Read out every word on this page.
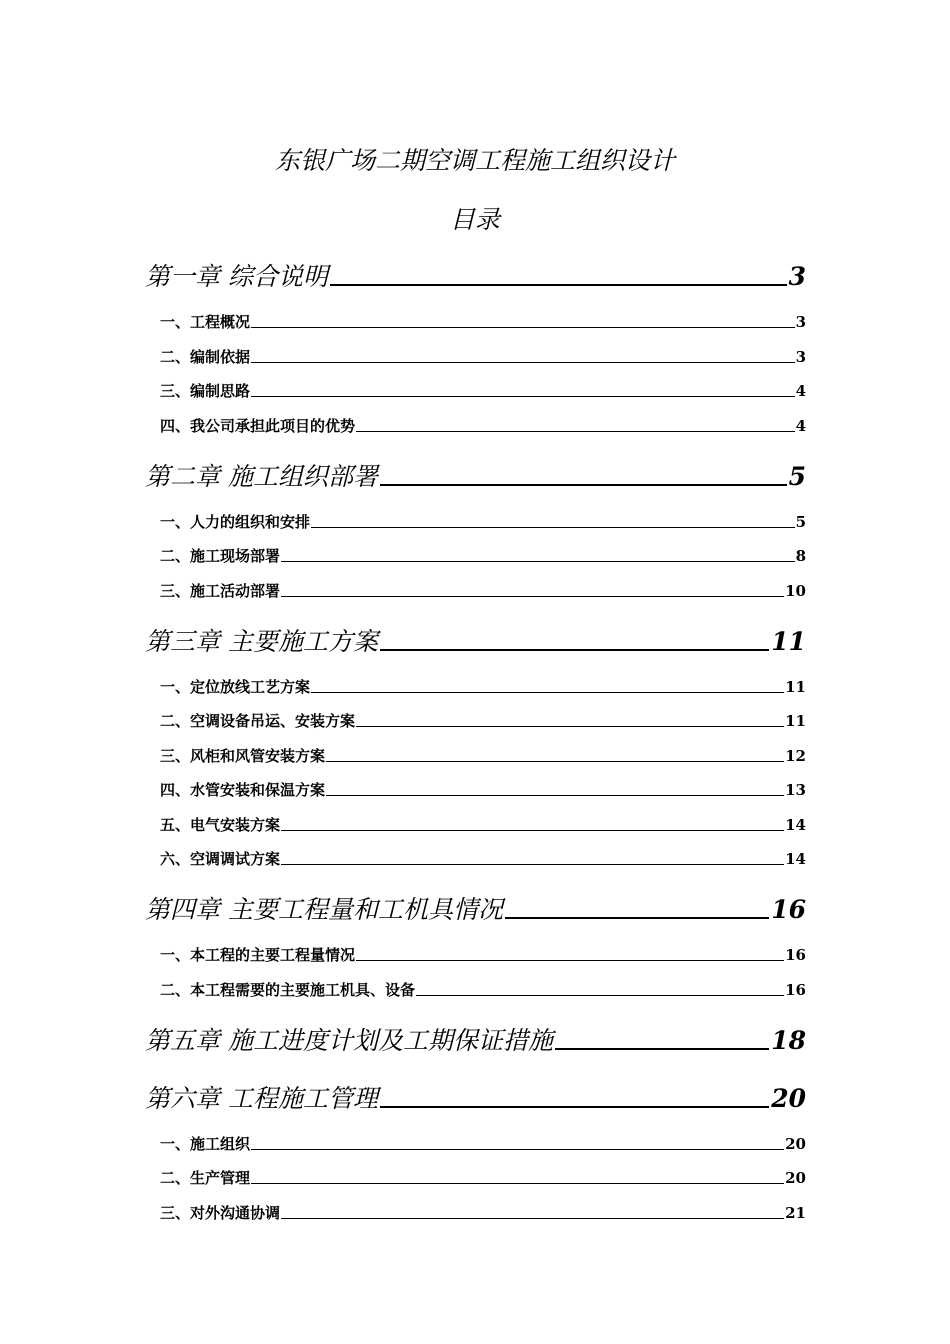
东银广场二期空调工程施工组织设计
目录
第一章 综合说明	3
一、工程概况	3
二、编制依据	3
三、编制思路	4
四、我公司承担此项目的优势	4
第二章 施工组织部署	5
一、人力的组织和安排	5
二、施工现场部署	8
三、施工活动部署	10
第三章 主要施工方案	11
一、定位放线工艺方案	11
二、空调设备吊运、安装方案	11
三、风柜和风管安装方案	12
四、水管安装和保温方案	13
五、电气安装方案	14
六、空调调试方案	14
第四章 主要工程量和工机具情况	16
一、本工程的主要工程量情况	16
二、本工程需要的主要施工机具、设备	16
第五章 施工进度计划及工期保证措施	18
第六章 工程施工管理	20
一、施工组织	20
二、生产管理	20
三、对外沟通协调	21
